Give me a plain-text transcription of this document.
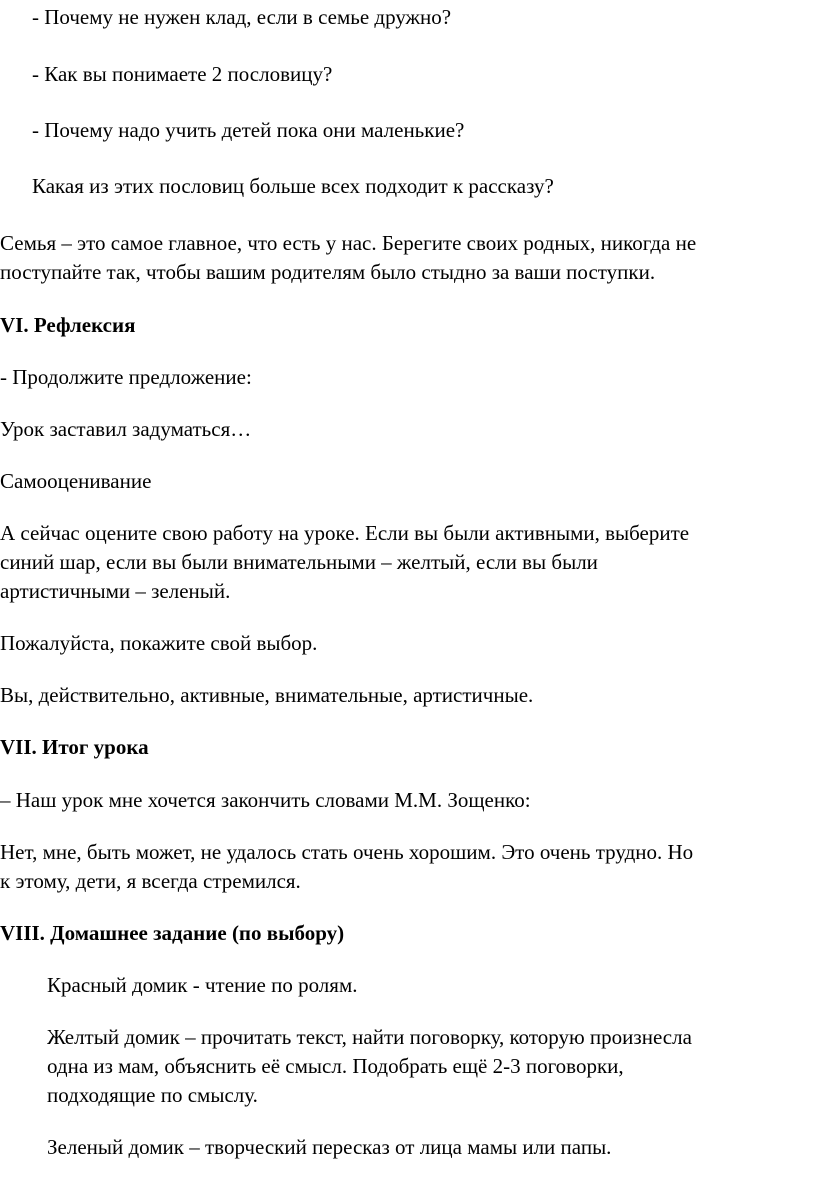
- Почему не нужен клад, если в семье дружно?

- Как вы понимаете 2 пословицу?

- Почему надо учить детей пока они маленькие?

Какая из этих пословиц больше всех подходит к рассказу?

Семья – это самое главное, что есть у нас. Берегите своих родных, никогда не

поступайте так, чтобы вашим родителям было стыдно за ваши поступки.

VI. Рефлексия

- Продолжите предложение:

Урок заставил задуматься…

Самооценивание

А сейчас оцените свою работу на уроке. Если вы были активными, выберите

синий шар, если вы были внимательными – желтый, если вы были

артистичными – зеленый.

Пожалуйста, покажите свой выбор.

Вы, действительно, активные, внимательные, артистичные.

VII. Итог урока

– Наш урок мне хочется закончить словами М.М. Зощенко:

Нет, мне, быть может, не удалось стать очень хорошим. Это очень трудно. Но

к этому, дети, я всегда стремился.

VIII. Домашнее задание (по выбору)

Красный домик - чтение по ролям.

Желтый домик – прочитать текст, найти поговорку, которую произнесла

одна из мам, объяснить её смысл. Подобрать ещё 2-3 поговорки,

подходящие по смыслу.

Зеленый домик – творческий пересказ от лица мамы или папы.
